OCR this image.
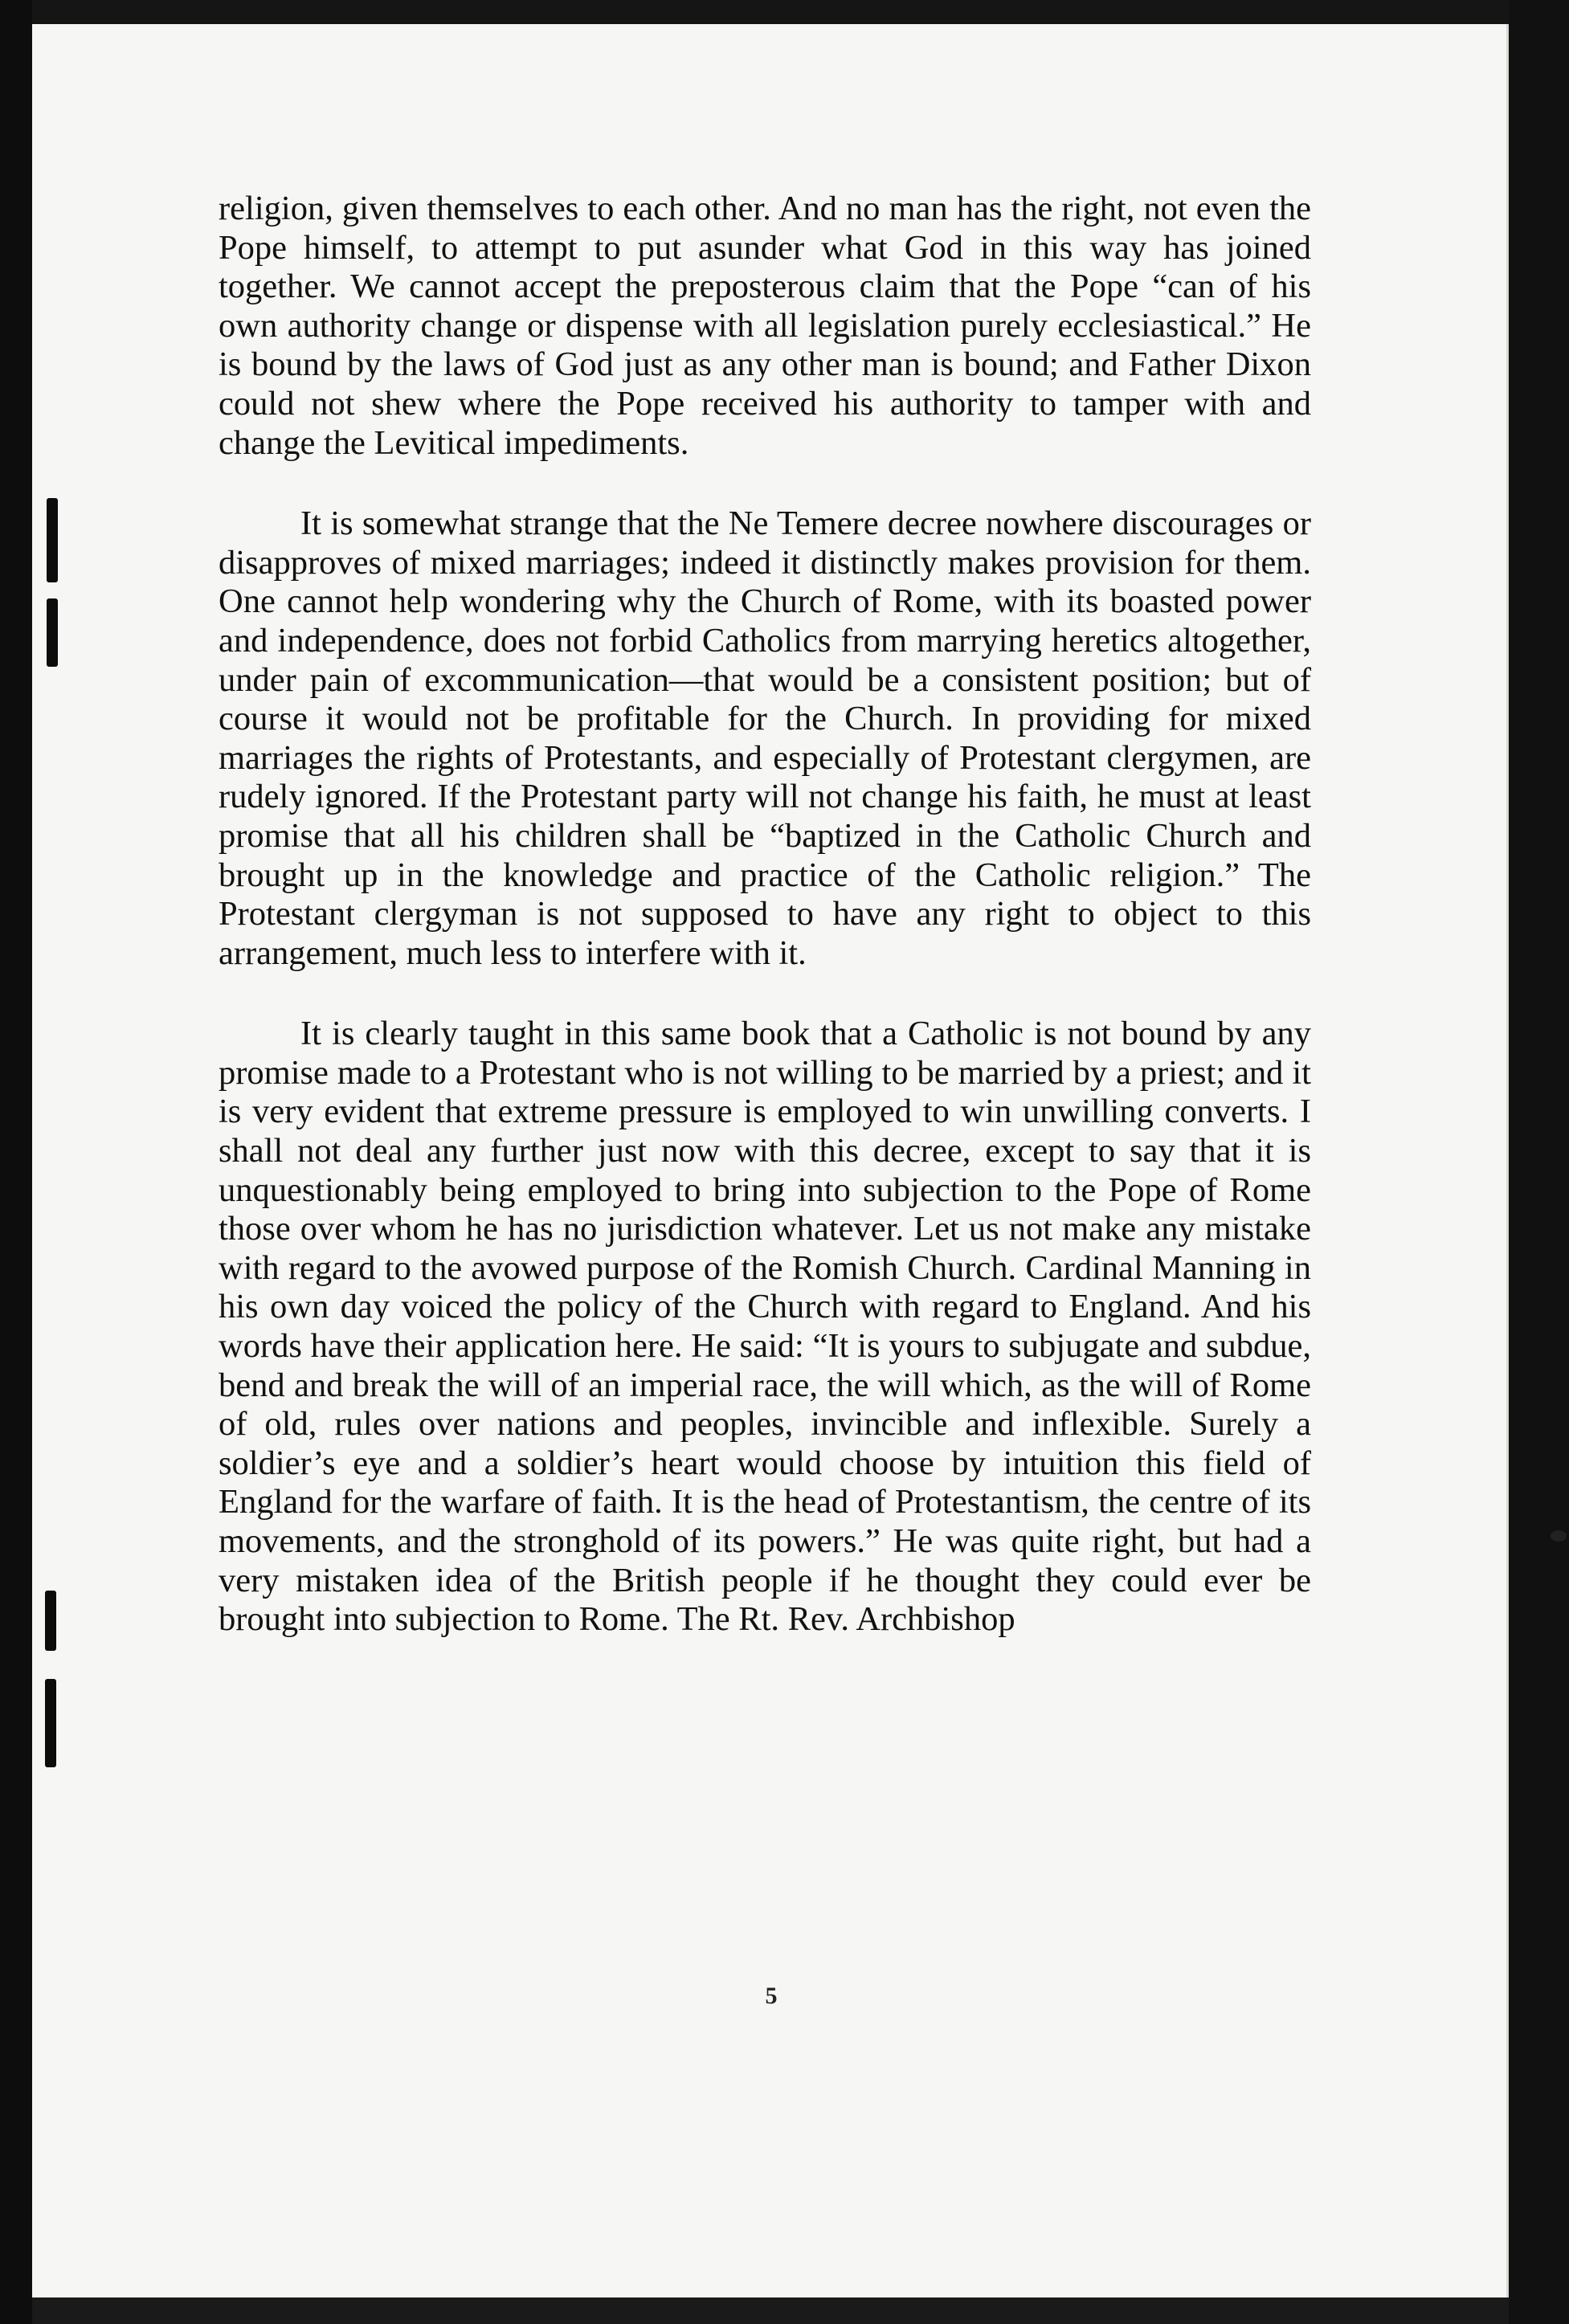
religion, given themselves to each other. And no man has the right, not even the Pope himself, to attempt to put asunder what God in this way has joined together. We cannot accept the preposterous claim that the Pope “can of his own authority change or dispense with all legislation purely ecclesiastical.” He is bound by the laws of God just as any other man is bound; and Father Dixon could not shew where the Pope received his authority to tamper with and change the Levitical impediments.

It is somewhat strange that the Ne Temere decree nowhere discourages or disapproves of mixed marriages; indeed it distinctly makes provision for them. One cannot help wondering why the Church of Rome, with its boasted power and independence, does not forbid Catholics from marrying heretics altogether, under pain of excommunication—that would be a consistent position; but of course it would not be profitable for the Church. In providing for mixed marriages the rights of Protestants, and especially of Protestant clergymen, are rudely ignored. If the Protestant party will not change his faith, he must at least promise that all his children shall be “baptized in the Catholic Church and brought up in the knowledge and practice of the Catholic religion.” The Protestant clergyman is not supposed to have any right to object to this arrangement, much less to interfere with it.

It is clearly taught in this same book that a Catholic is not bound by any promise made to a Protestant who is not willing to be married by a priest; and it is very evident that extreme pressure is employed to win unwilling converts. I shall not deal any further just now with this decree, except to say that it is unquestionably being employed to bring into subjection to the Pope of Rome those over whom he has no jurisdiction whatever. Let us not make any mistake with regard to the avowed purpose of the Romish Church. Cardinal Manning in his own day voiced the policy of the Church with regard to England. And his words have their application here. He said: “It is yours to subjugate and subdue, bend and break the will of an imperial race, the will which, as the will of Rome of old, rules over nations and peoples, invincible and inflexible. Surely a soldier’s eye and a soldier’s heart would choose by intuition this field of England for the warfare of faith. It is the head of Protestantism, the centre of its movements, and the stronghold of its powers.” He was quite right, but had a very mistaken idea of the British people if he thought they could ever be brought into subjection to Rome. The Rt. Rev. Archbishop

5
